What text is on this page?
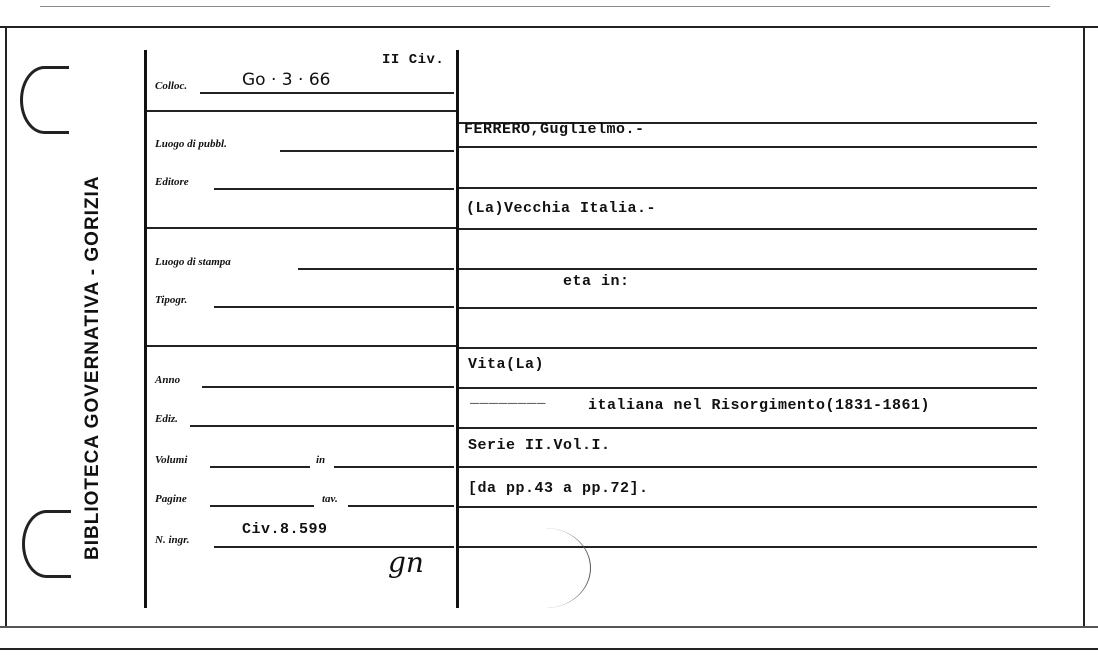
BIBLIOTECA GOVERNATIVA - GORIZIA
Colloc.	Go · 3 · 66
II Civ.
Luogo di pubbl.
Editore
Luogo di stampa
Tipogr.
Anno
Ediz.
Volumi	in
Pagine	tav.
N. ingr.
Civ.8.599
gn
FERRERO,Guglielmo.-
(La)Vecchia Italia.-
eta in:
Vita(La)
________	italiana nel Risorgimento(1831-1861)
Serie II.Vol.I.
[da pp.43 a pp.72].
